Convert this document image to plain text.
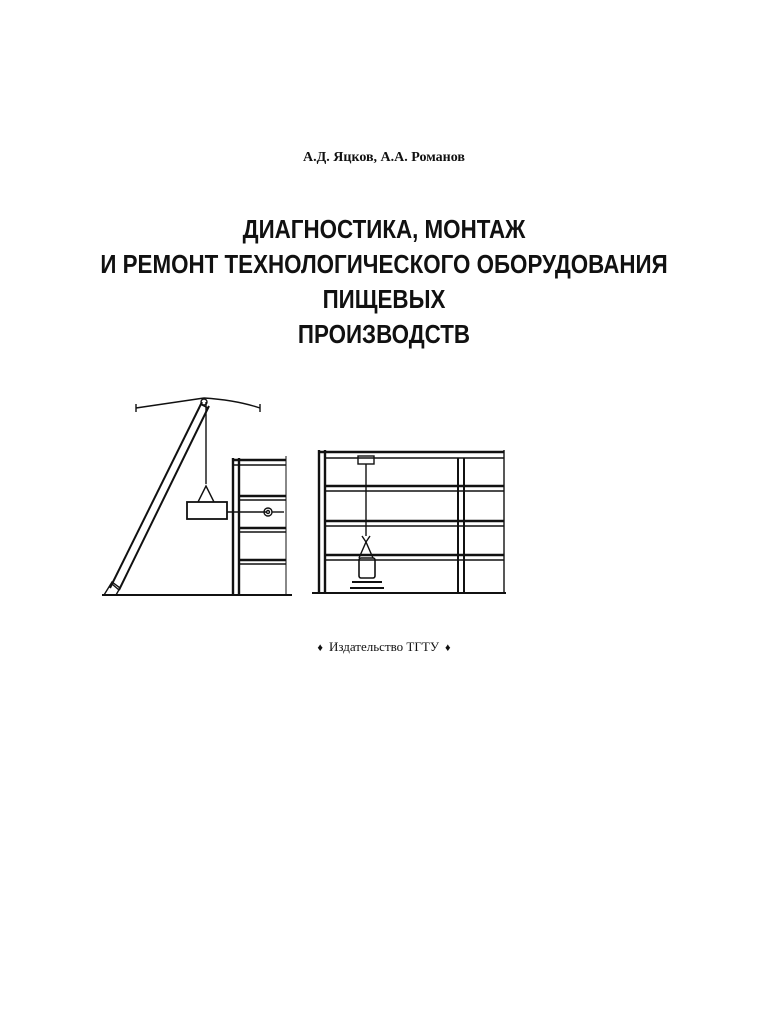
А.Д. Яцков, А.А. Романов
ДИАГНОСТИКА, МОНТАЖ
И РЕМОНТ ТЕХНОЛОГИЧЕСКОГО ОБОРУДОВАНИЯ
ПИЩЕВЫХ
ПРОИЗВОДСТВ
♦ Издательство ТГТУ ♦
